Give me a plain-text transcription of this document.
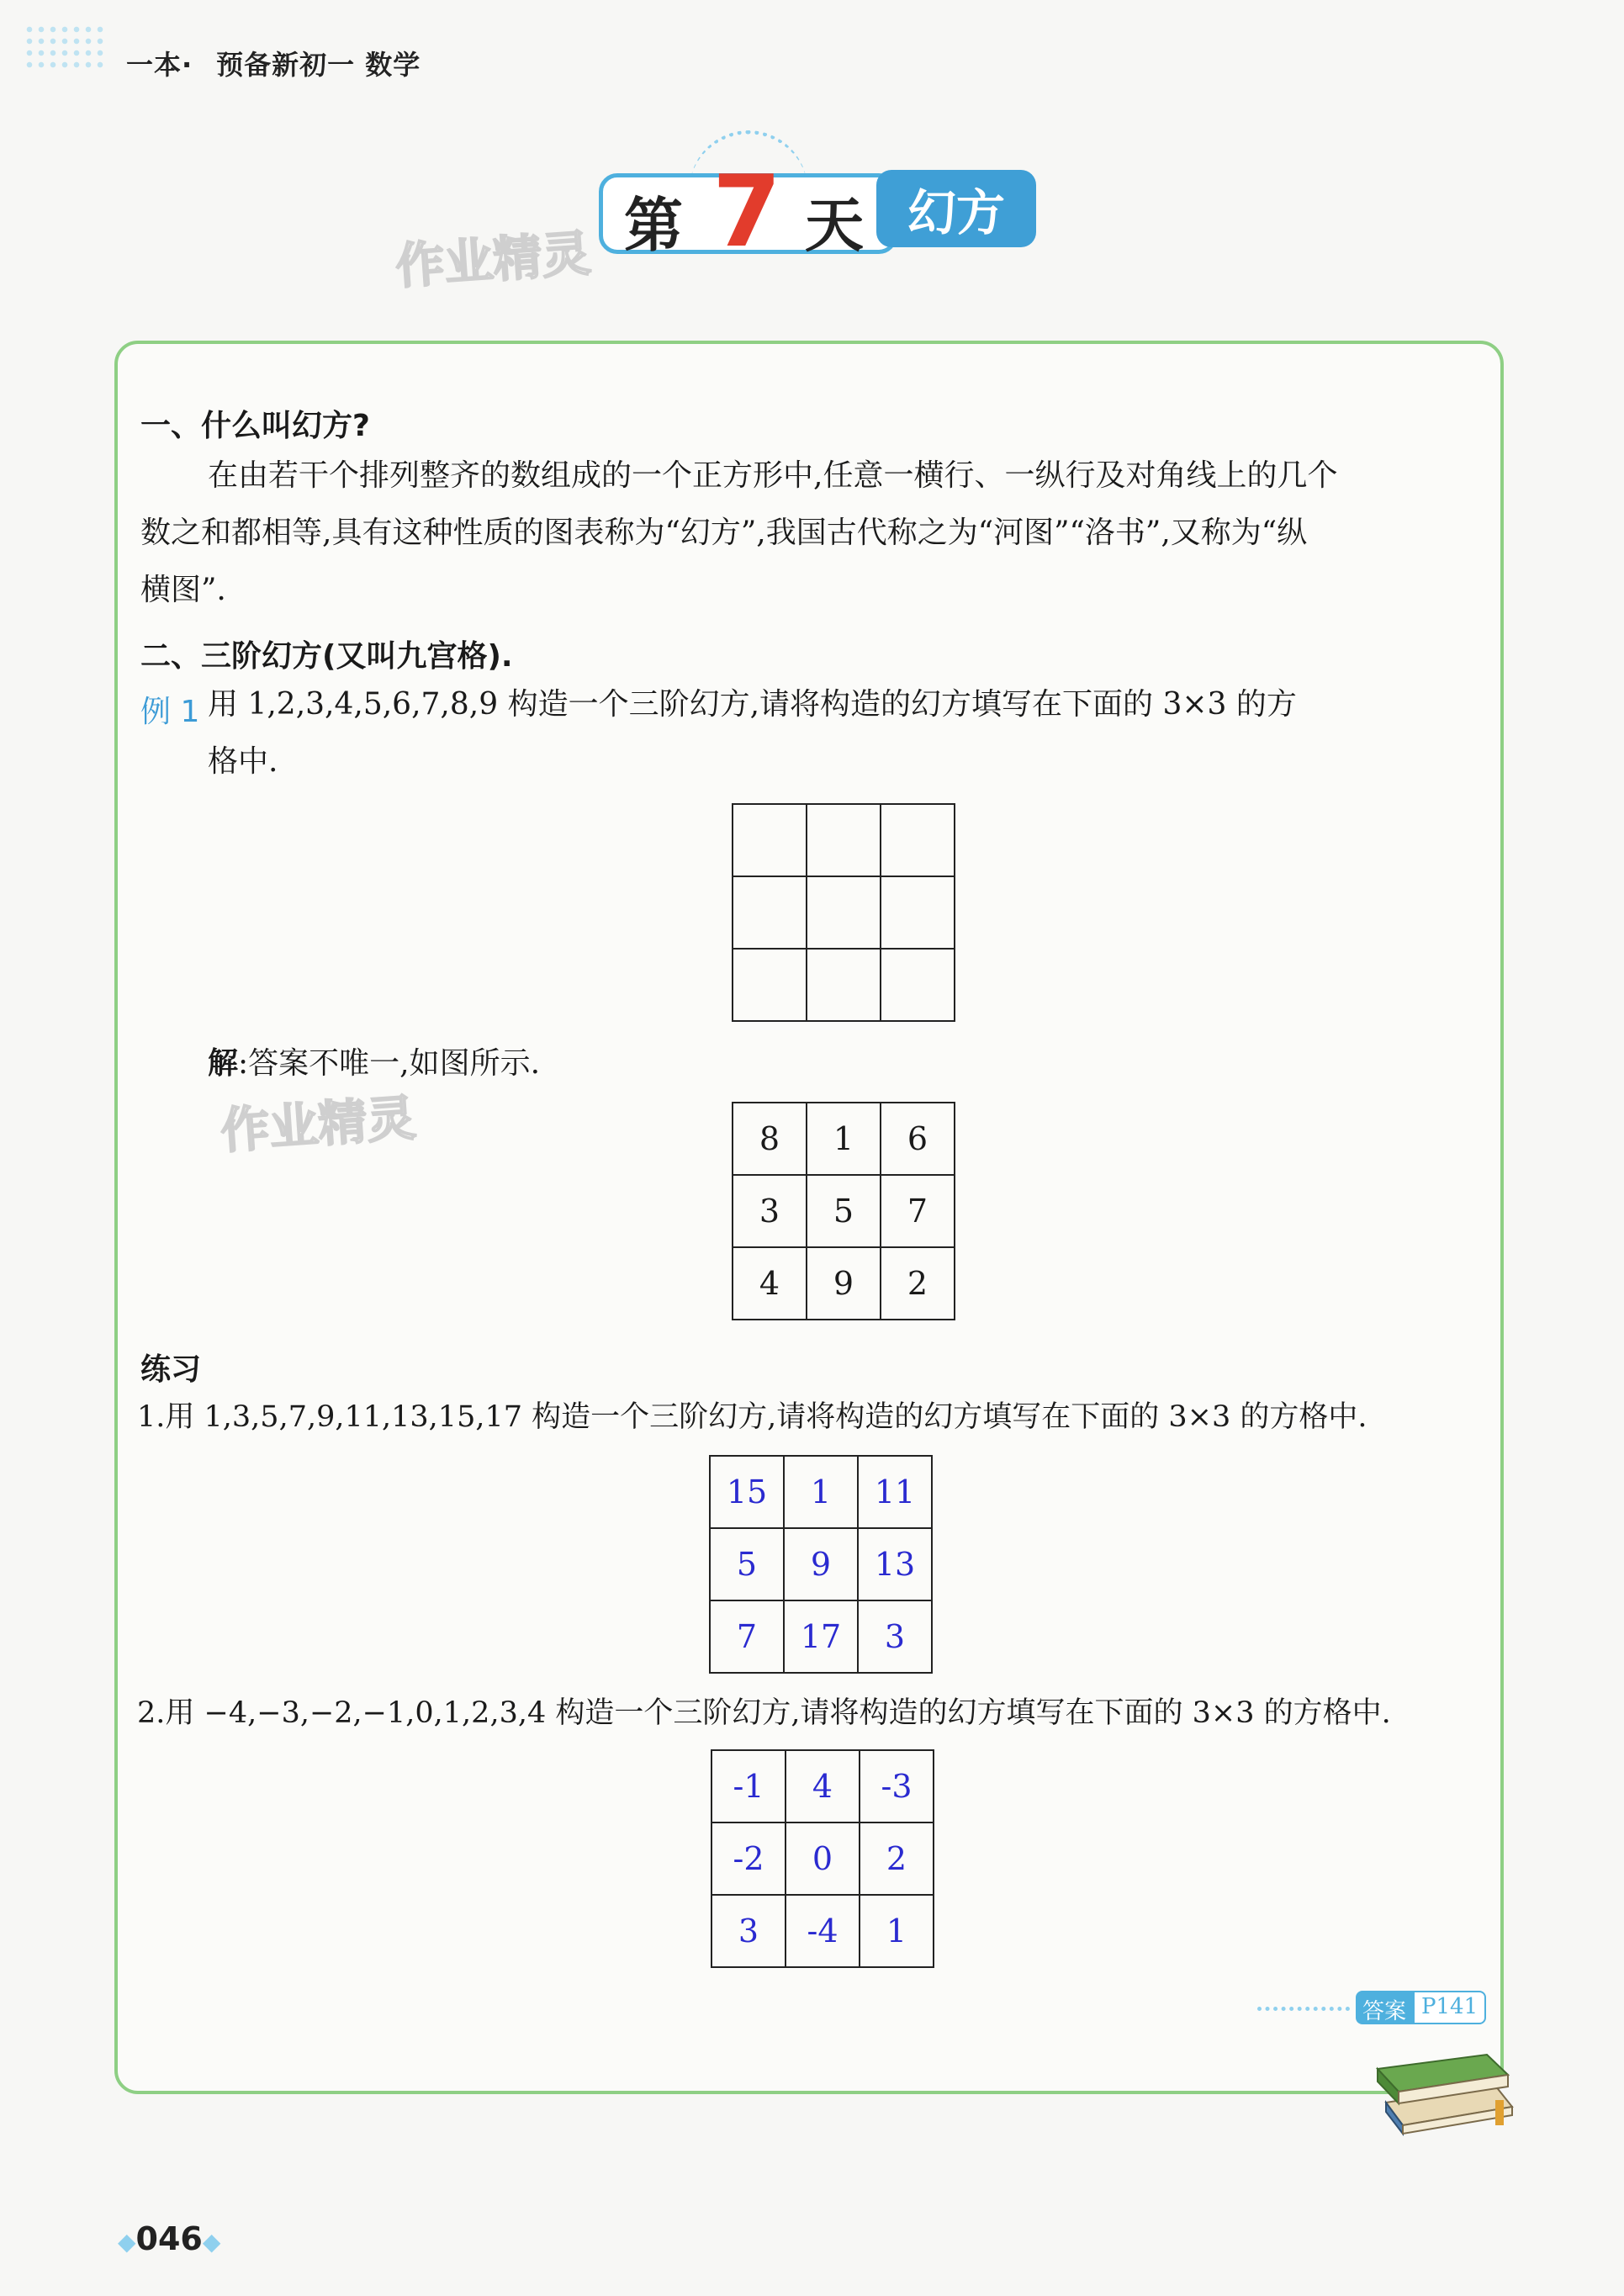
一本· 预备新初一 数学
第 7 天 幻方
作业精灵
一、什么叫幻方?
在由若干个排列整齐的数组成的一个正方形中,任意一横行、一纵行及对角线上的几个
数之和都相等,具有这种性质的图表称为“幻方”,我国古代称之为“河图”“洛书”,又称为“纵
横图”.
二、三阶幻方(又叫九宫格).
例 1 用 1,2,3,4,5,6,7,8,9 构造一个三阶幻方,请将构造的幻方填写在下面的 3×3 的方
格中.

解:答案不唯一,如图所示.
作业精灵	8	1	6
3	5	7
4	9	2
练习
1.用 1,3,5,7,9,11,13,15,17 构造一个三阶幻方,请将构造的幻方填写在下面的 3×3 的方格中.
15	1	11
5	9	13
7	17	3
2.用 −4,−3,−2,−1,0,1,2,3,4 构造一个三阶幻方,请将构造的幻方填写在下面的 3×3 的方格中.
-1	4	-3
-2	0	2
3	-4	1
答案 P141
◆046◆
